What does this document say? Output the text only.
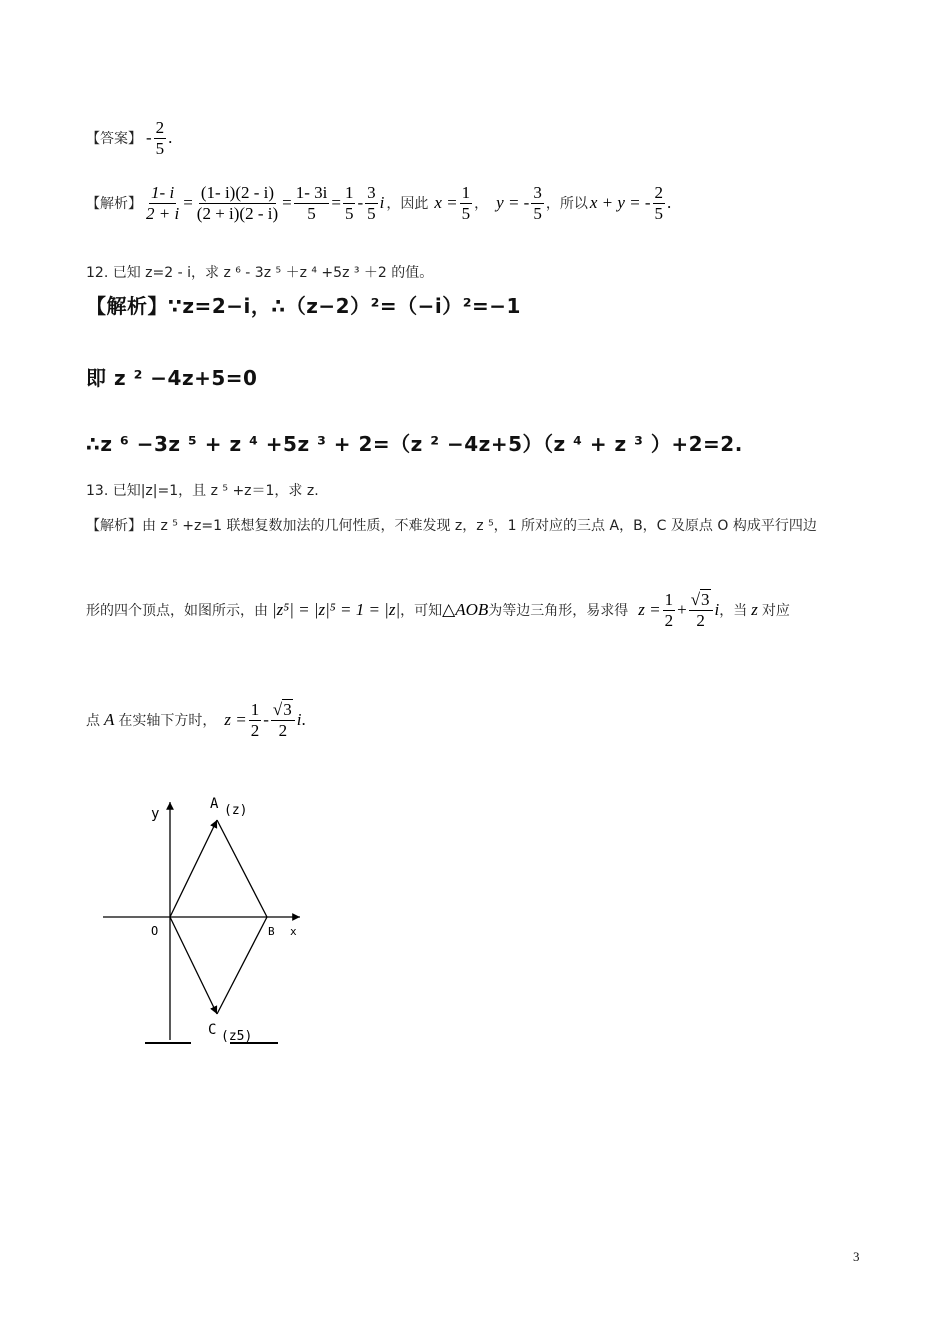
【答案】 - $\frac{2}{5}$ .
【解析】 $\frac{1- i}{2 + i} = \frac{(1- i)(2 - i)}{(2 + i)(2 - i)} = \frac{1- 3i}{5} = \frac{1}{5} - \frac{3}{5}$ i ，因此 $x = \frac{1}{5}$ ， y = - $\frac{3}{5}$ ，所以 x + y = - $\frac{2}{5}$ .
12. 已知 z=2 - i，求 z ⁶ - 3z ⁵ ＋z ⁴ +5z ³ ＋2 的值。
【解析】∵z=2−i，∴（z−2）²=（−i）²=−1
即 z ² −4z+5=0
∴z ⁶ −3z ⁵ + z ⁴ +5z ³ + 2=（z ² −4z+5）（z ⁴ + z ³ ）+2=2.
13. 已知|z|=1，且 z ⁵ +z＝1，求 z.
【解析】由 z ⁵ +z=1 联想复数加法的几何性质，不难发现 z，z ⁵，1 所对应的三点 A，B，C 及原点 O 构成平行四边
形的四个顶点，如图所示，由 |z⁵| = |z|⁵ = 1 = |z| ，可知 △AOB 为等边三角形，易求得 $z = \frac{1}{2} + \frac{√3}{2}$ i ，当 z 对应
点 A 在实轴下方时， $z = \frac{1}{2} - \frac{√3}{2}$ i .
y
x
O
A (z)
B
C (z5)
3
